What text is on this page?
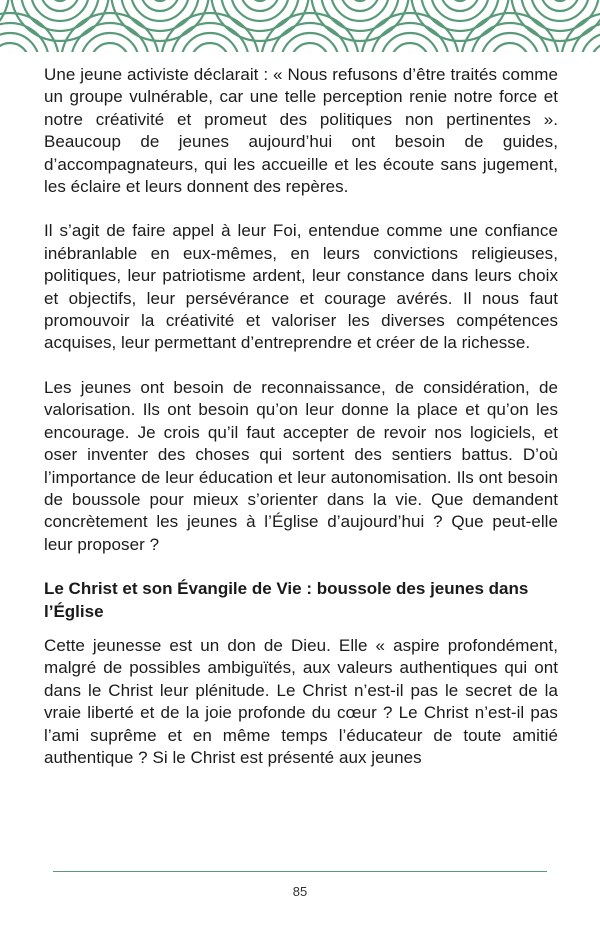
Une jeune activiste déclarait : « Nous refusons d’être traités comme un groupe vulnérable, car une telle perception renie notre force et notre créativité et promeut des politiques non pertinentes ». Beaucoup de jeunes aujourd’hui ont besoin de guides, d’accompagnateurs, qui les accueille et les écoute sans jugement, les éclaire et leurs donnent des repères.

Il s’agit de faire appel à leur Foi, entendue comme une confiance inébranlable en eux-mêmes, en leurs convictions religieuses, politiques, leur patriotisme ardent, leur constance dans leurs choix et objectifs, leur persévérance et courage avérés. Il nous faut promouvoir la créativité et valoriser les diverses compétences acquises, leur permettant d’entreprendre et créer de la richesse.

Les jeunes ont besoin de reconnaissance, de considération, de valorisation. Ils ont besoin qu’on leur donne la place et qu’on les encourage. Je crois qu’il faut accepter de revoir nos logiciels, et oser inventer des choses qui sortent des sentiers battus. D’où l’importance de leur éducation et leur autonomisation. Ils ont besoin de boussole pour mieux s’orienter dans la vie. Que demandent concrètement les jeunes à l’Église d’aujourd’hui ? Que peut-elle leur proposer ?

Le Christ et son Évangile de Vie : boussole des jeunes dans l’Église

Cette jeunesse est un don de Dieu. Elle « aspire profondément, malgré de possibles ambiguïtés, aux valeurs authentiques qui ont dans le Christ leur plénitude. Le Christ n’est-il pas le secret de la vraie liberté et de la joie profonde du cœur ? Le Christ n’est-il pas l’ami suprême et en même temps l’éducateur de toute amitié authentique ? Si le Christ est présenté aux jeunes

85
